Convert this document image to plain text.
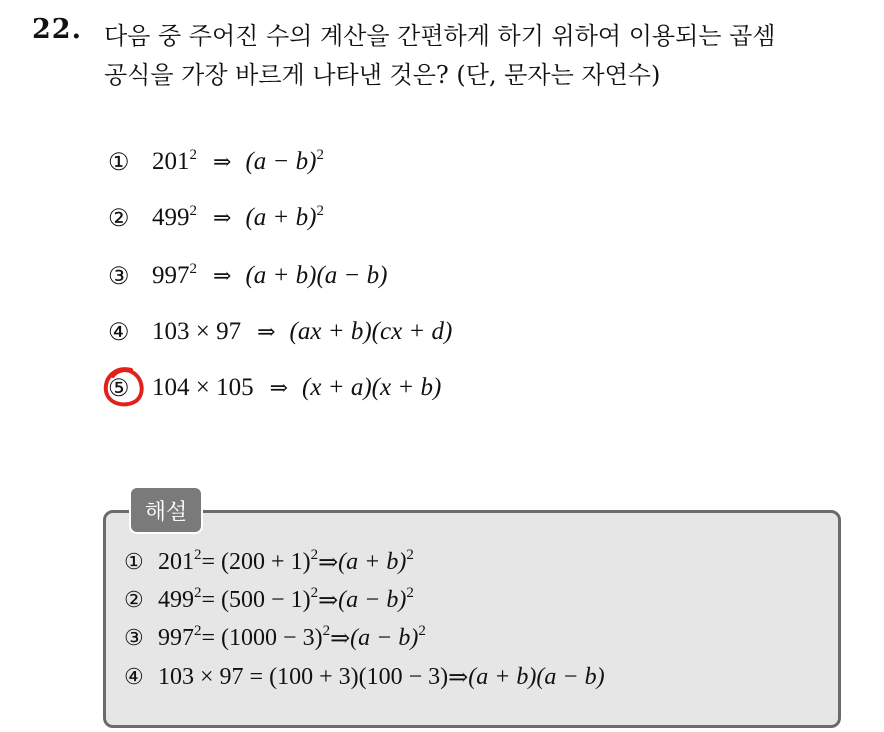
22. 다음 중 주어진 수의 계산을 간편하게 하기 위하여 이용되는 곱셈
공식을 가장 바르게 나타낸 것은? (단, 문자는 자연수)
① $201^2$ ⇒ $(a - b)^2$
② $499^2$ ⇒ $(a + b)^2$
③ $997^2$ ⇒ (a + b)(a − b)
④ 103 × 97 ⇒ (ax + b)(cx + d)
⑤ 104 × 105 ⇒ (x + a)(x + b)
해설
① $201^2 = (200 + 1)^2$ ⇒ $(a + b)^2$
② $499^2 = (500 - 1)^2$ ⇒ $(a - b)^2$
③ $997^2 = (1000 - 3)^2$ ⇒ $(a - b)^2$
④ 103 × 97 = (100 + 3)(100 − 3) ⇒ (a + b)(a − b)
